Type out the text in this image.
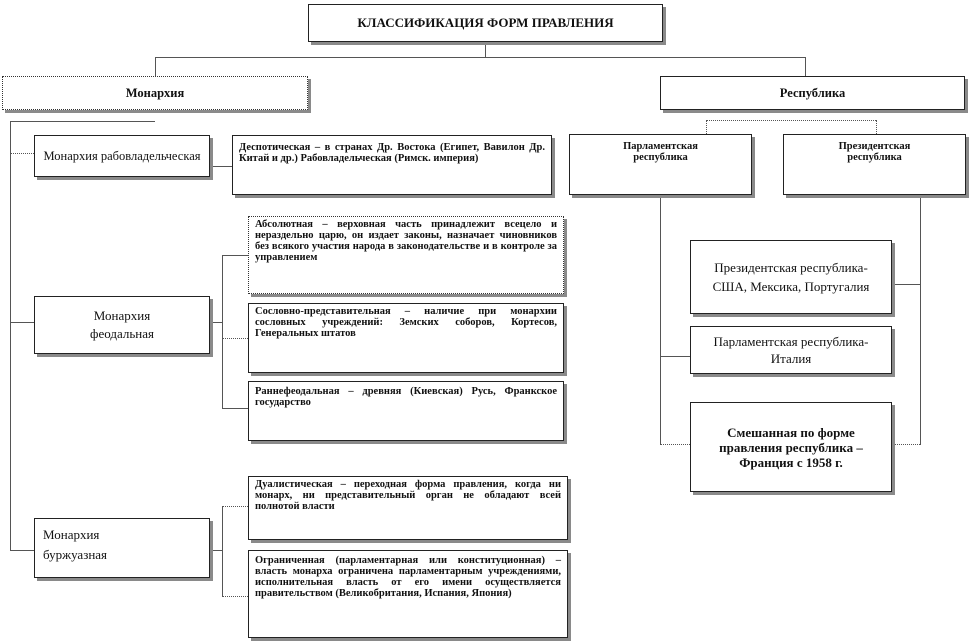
КЛАССИФИКАЦИЯ ФОРМ ПРАВЛЕНИЯ
Монархия	Республика
Монархия рабовладельческая
Деспотическая – в странах Др. Востока (Египет, Вавилон Др. Китай и др.) Рабовладельческая (Римск. империя)
Монархия феодальная
Абсолютная – верховная часть принадлежит всецело и нераздельно царю, он издает законы, назначает чиновников без всякого участия народа в законодательстве и в контроле за управлением
Сословно-представительная – наличие при монархии сословных учреждений: Земских соборов, Кортесов, Генеральных штатов
Раннефеодальная – древняя (Киевская) Русь, Франкское государство
Монархия буржуазная
Дуалистическая – переходная форма правления, когда ни монарх, ни представительный орган не обладают всей полнотой власти
Ограниченная (парламентарная или конституционная) – власть монарха ограничена парламентарным учреждениями, исполнительная власть от его имени осуществляется правительством (Великобритания, Испания, Япония)
Парламентская республика
Президентская республика
Президентская республика- США, Мексика, Португалия
Парламентская республика- Италия
Смешанная по форме правления республика – Франция с 1958 г.
